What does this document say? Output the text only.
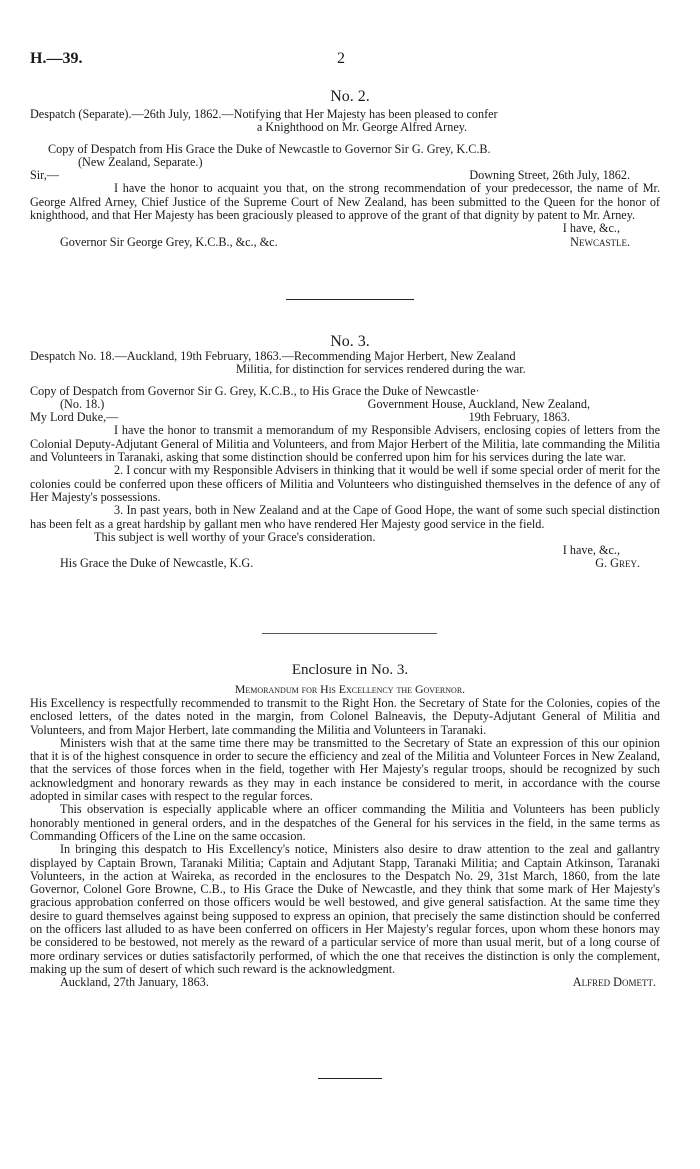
H.—39.	2
No. 2.

Despatch (Separate).—26th July, 1862.—Notifying that Her Majesty has been pleased to confer

a Knighthood on Mr. George Alfred Arney.

Copy of Despatch from His Grace the Duke of Newcastle to Governor Sir G. Grey, K.C.B.

(New Zealand, Separate.)

Sir,—	Downing Street, 26th July, 1862.

I have the honor to acquaint you that, on the strong recommendation of your predecessor, the name of Mr. George Alfred Arney, Chief Justice of the Supreme Court of New Zealand, has been submitted to the Queen for the honor of knighthood, and that Her Majesty has been graciously pleased to approve of the grant of that dignity by patent to Mr. Arney.

I have, &c.,

Governor Sir George Grey, K.C.B., &c., &c.	Newcastle.
No. 3.

Despatch No. 18.—Auckland, 19th February, 1863.—Recommending Major Herbert, New Zealand

Militia, for distinction for services rendered during the war.

Copy of Despatch from Governor Sir G. Grey, K.C.B., to His Grace the Duke of Newcastle·

(No. 18.)	Government House, Auckland, New Zealand,
My Lord Duke,—	19th February, 1863.

I have the honor to transmit a memorandum of my Responsible Advisers, enclosing copies of letters from the Colonial Deputy-Adjutant General of Militia and Volunteers, and from Major Herbert of the Militia, late commanding the Militia and Volunteers in Taranaki, asking that some distinction should be conferred upon him for his services during the late war.

2. I concur with my Responsible Advisers in thinking that it would be well if some special order of merit for the colonies could be conferred upon these officers of Militia and Volunteers who distinguished themselves in the defence of any of Her Majesty's possessions.

3. In past years, both in New Zealand and at the Cape of Good Hope, the want of some such special distinction has been felt as a great hardship by gallant men who have rendered Her Majesty good service in the field.

This subject is well worthy of your Grace's consideration.

I have, &c.,

His Grace the Duke of Newcastle, K.G.	G. Grey.
Enclosure in No. 3.
Memorandum for His Excellency the Governor.

His Excellency is respectfully recommended to transmit to the Right Hon. the Secretary of State for the Colonies, copies of the enclosed letters, of the dates noted in the margin, from Colonel Balneavis, the Deputy-Adjutant General of Militia and Volunteers, and from Major Herbert, late commanding the Militia and Volunteers in Taranaki.

Ministers wish that at the same time there may be transmitted to the Secretary of State an expression of this our opinion that it is of the highest consquence in order to secure the efficiency and zeal of the Militia and Volunteer Forces in New Zealand, that the services of those forces when in the field, together with Her Majesty's regular troops, should be recognized by such acknowledgment and honorary rewards as they may in each instance be considered to merit, in accordance with the course adopted in similar cases with respect to the regular forces.

This observation is especially applicable where an officer commanding the Militia and Volunteers has been publicly honorably mentioned in general orders, and in the despatches of the General for his services in the field, in the same terms as Commanding Officers of the Line on the same occasion.

In bringing this despatch to His Excellency's notice, Ministers also desire to draw attention to the zeal and gallantry displayed by Captain Brown, Taranaki Militia; Captain and Adjutant Stapp, Taranaki Militia; and Captain Atkinson, Taranaki Volunteers, in the action at Waireka, as recorded in the enclosures to the Despatch No. 29, 31st March, 1860, from the late Governor, Colonel Gore Browne, C.B., to His Grace the Duke of Newcastle, and they think that some mark of Her Majesty's gracious approbation conferred on those officers would be well bestowed, and give general satisfaction. At the same time they desire to guard themselves against being supposed to express an opinion, that precisely the same distinction should be conferred on the officers last alluded to as have been conferred on officers in Her Majesty's regular forces, upon whom these honors may be considered to be bestowed, not merely as the reward of a particular service of more than usual merit, but of a long course of more ordinary services or duties satisfactorily performed, of which the one that receives the distinction is only the complement, making up the sum of desert of which such reward is the acknowledgment.

Auckland, 27th January, 1863.	Alfred Domett.
